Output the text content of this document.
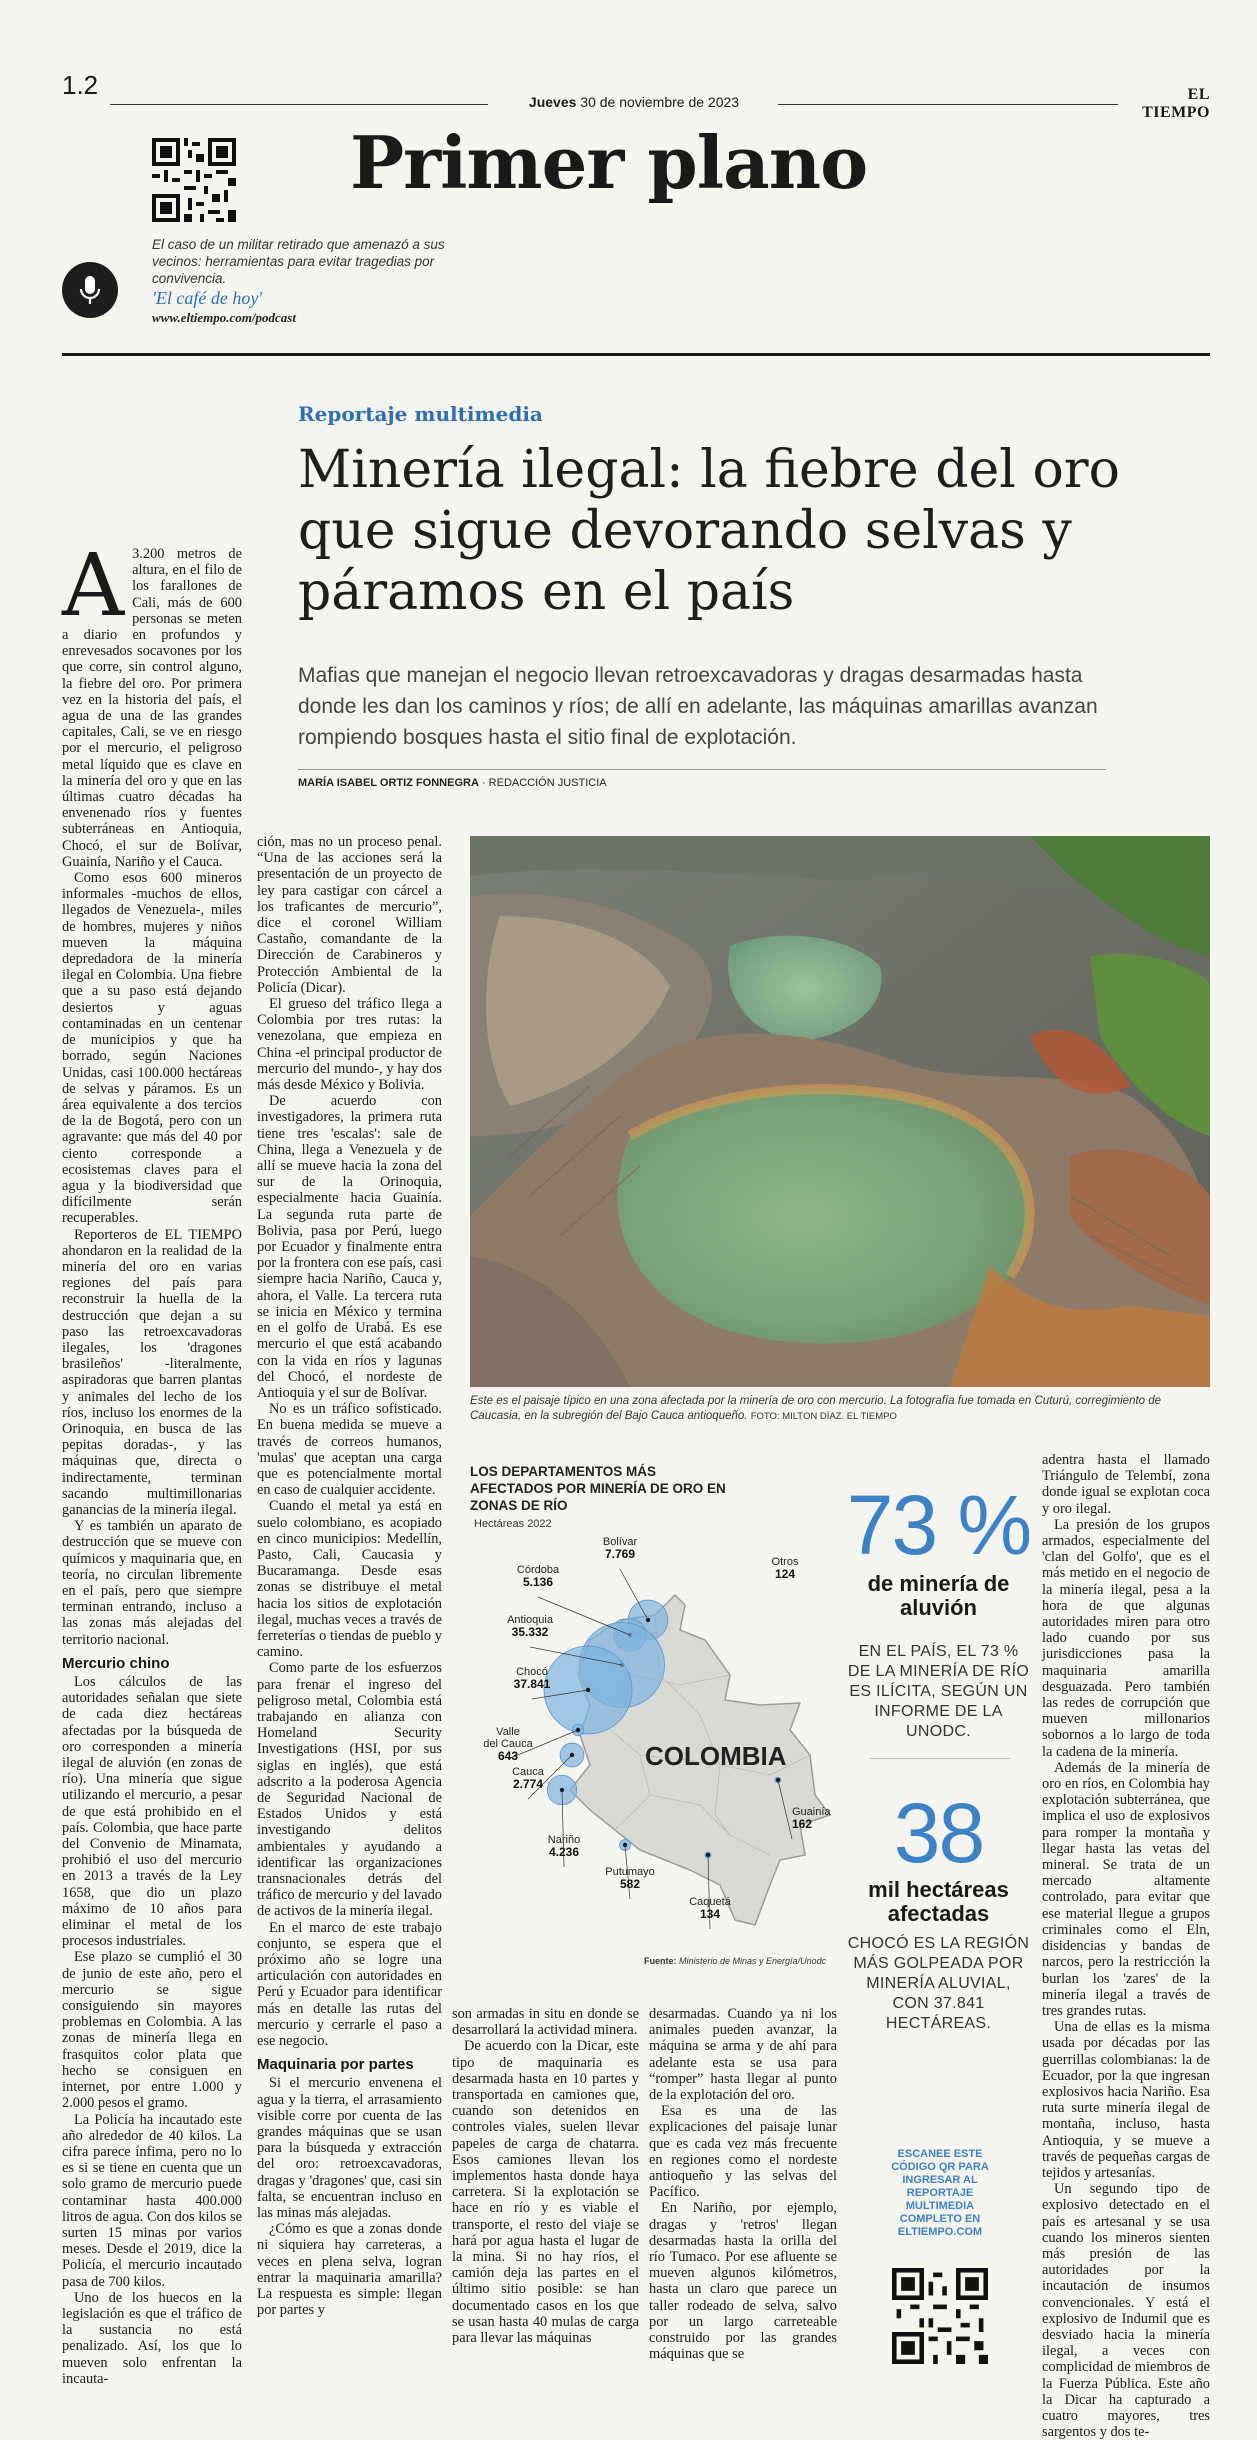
1.2
Jueves 30 de noviembre de 2023	EL TIEMPO
Primer plano
El caso de un militar retirado que amenazó a sus vecinos: herramientas para evitar tragedias por convivencia.
'El café de hoy'
www.eltiempo.com/podcast
Reportaje multimedia
Minería ilegal: la fiebre del oro que sigue devorando selvas y páramos en el país
Mafias que manejan el negocio llevan retroexcavadoras y dragas desarmadas hasta donde les dan los caminos y ríos; de allí en adelante, las máquinas amarillas avanzan rompiendo bosques hasta el sitio final de explotación.
MARÍA ISABEL ORTIZ FONNEGRA · REDACCIÓN JUSTICIA

A 3.200 metros de altura, en el filo de los farallones de Cali, más de 600 personas se meten a diario en profundos y enrevesados socavones por los que corre, sin control alguno, la fiebre del oro. Por primera vez en la historia del país, el agua de una de las grandes capitales, Cali, se ve en riesgo por el mercurio, el peligroso metal líquido que es clave en la minería del oro y que en las últimas cuatro décadas ha envenenado ríos y fuentes subterráneas en Antioquia, Chocó, el sur de Bolívar, Guainía, Nariño y el Cauca.

Como esos 600 mineros informales -muchos de ellos, llegados de Venezuela-, miles de hombres, mujeres y niños mueven la máquina depredadora de la minería ilegal en Colombia. Una fiebre que a su paso está dejando desiertos y aguas contaminadas en un centenar de municipios y que ha borrado, según Naciones Unidas, casi 100.000 hectáreas de selvas y páramos. Es un área equivalente a dos tercios de la de Bogotá, pero con un agravante: que más del 40 por ciento corresponde a ecosistemas claves para el agua y la biodiversidad que difícilmente serán recuperables.

Reporteros de EL TIEMPO ahondaron en la realidad de la minería del oro en varias regiones del país para reconstruir la huella de la destrucción que dejan a su paso las retroexcavadoras ilegales, los 'dragones brasileños' -literalmente, aspiradoras que barren plantas y animales del lecho de los ríos, incluso los enormes de la Orinoquia, en busca de las pepitas doradas-, y las máquinas que, directa o indirectamente, terminan sacando multimillonarias ganancias de la minería ilegal.

Y es también un aparato de destrucción que se mueve con químicos y maquinaria que, en teoría, no circulan libremente en el país, pero que siempre terminan entrando, incluso a las zonas más alejadas del territorio nacional.

Mercurio chino

Los cálculos de las autoridades señalan que siete de cada diez hectáreas afectadas por la búsqueda de oro corresponden a minería ilegal de aluvión (en zonas de río). Una minería que sigue utilizando el mercurio, a pesar de que está prohibido en el país. Colombia, que hace parte del Convenio de Minamata, prohibió el uso del mercurio en 2013 a través de la Ley 1658, que dio un plazo máximo de 10 años para eliminar el metal de los procesos industriales.

Ese plazo se cumplió el 30 de junio de este año, pero el mercurio se sigue consiguiendo sin mayores problemas en Colombia. A las zonas de minería llega en frasquitos color plata que hecho se consiguen en internet, por entre 1.000 y 2.000 pesos el gramo.

La Policía ha incautado este año alrededor de 40 kilos. La cifra parece ínfima, pero no lo es si se tiene en cuenta que un solo gramo de mercurio puede contaminar hasta 400.000 litros de agua. Con dos kilos se surten 15 minas por varios meses. Desde el 2019, dice la Policía, el mercurio incautado pasa de 700 kilos.

Uno de los huecos en la legislación es que el tráfico de la sustancia no está penalizado. Así, los que lo mueven solo enfrentan la incauta-

ción, mas no un proceso penal. “Una de las acciones será la presentación de un proyecto de ley para castigar con cárcel a los traficantes de mercurio”, dice el coronel William Castaño, comandante de la Dirección de Carabineros y Protección Ambiental de la Policía (Dicar).

El grueso del tráfico llega a Colombia por tres rutas: la venezolana, que empieza en China -el principal productor de mercurio del mundo-, y hay dos más desde México y Bolivia.

De acuerdo con investigadores, la primera ruta tiene tres 'escalas': sale de China, llega a Venezuela y de allí se mueve hacia la zona del sur de la Orinoquia, especialmente hacia Guainía. La segunda ruta parte de Bolivia, pasa por Perú, luego por Ecuador y finalmente entra por la frontera con ese país, casi siempre hacia Nariño, Cauca y, ahora, el Valle. La tercera ruta se inicia en México y termina en el golfo de Urabá. Es ese mercurio el que está acabando con la vida en ríos y lagunas del Chocó, el nordeste de Antioquia y el sur de Bolívar.

No es un tráfico sofisticado. En buena medida se mueve a través de correos humanos, 'mulas' que aceptan una carga que es potencialmente mortal en caso de cualquier accidente.

Cuando el metal ya está en suelo colombiano, es acopiado en cinco municipios: Medellín, Pasto, Cali, Caucasia y Bucaramanga. Desde esas zonas se distribuye el metal hacia los sitios de explotación ilegal, muchas veces a través de ferreterías o tiendas de pueblo y camino.

Como parte de los esfuerzos para frenar el ingreso del peligroso metal, Colombia está trabajando en alianza con Homeland Security Investigations (HSI, por sus siglas en inglés), que está adscrito a la poderosa Agencia de Seguridad Nacional de Estados Unidos y está investigando delitos ambientales y ayudando a identificar las organizaciones transnacionales detrás del tráfico de mercurio y del lavado de activos de la minería ilegal.

En el marco de este trabajo conjunto, se espera que el próximo año se logre una articulación con autoridades en Perú y Ecuador para identificar más en detalle las rutas del mercurio y cerrarle el paso a ese negocio.

Maquinaria por partes

Si el mercurio envenena el agua y la tierra, el arrasamiento visible corre por cuenta de las grandes máquinas que se usan para la búsqueda y extracción del oro: retroexcavadoras, dragas y 'dragones' que, casi sin falta, se encuentran incluso en las minas más alejadas.

¿Cómo es que a zonas donde ni siquiera hay carreteras, a veces en plena selva, logran entrar la maquinaria amarilla? La respuesta es simple: llegan por partes y

Este es el paisaje típico en una zona afectada por la minería de oro con mercurio. La fotografía fue tomada en Cuturú, corregimiento de Caucasia, en la subregión del Bajo Cauca antioqueño. FOTO: MILTON DÍAZ. EL TIEMPO
LOS DEPARTAMENTOS MÁS AFECTADOS POR MINERÍA DE ORO EN ZONAS DE RÍO
Hectáreas 2022
COLOMBIA
Bolívar
7.769
Córdoba
5.136
Antioquia
35.332
Chocó
37.841
Valle
del Cauca
643
Cauca
2.774
Nariño
4.236
Putumayo
582
Caquetá
134
Guainía
162
Otros
124
Fuente: Ministerio de Minas y Energía/Unodc
73 %
de minería de aluvión
EN EL PAÍS, EL 73 % DE LA MINERÍA DE RÍO ES ILÍCITA, SEGÚN UN INFORME DE LA UNODC.
38
mil hectáreas afectadas
CHOCÓ ES LA REGIÓN MÁS GOLPEADA POR MINERÍA ALUVIAL, CON 37.841 HECTÁREAS.
ESCANEE ESTE CÓDIGO QR PARA INGRESAR AL REPORTAJE MULTIMEDIA COMPLETO EN ELTIEMPO.COM

son armadas in situ en donde se desarrollará la actividad minera.

De acuerdo con la Dicar, este tipo de maquinaria es desarmada hasta en 10 partes y transportada en camiones que, cuando son detenidos en controles viales, suelen llevar papeles de carga de chatarra. Esos camiones llevan los implementos hasta donde haya carretera. Si la explotación se hace en río y es viable el transporte, el resto del viaje se hará por agua hasta el lugar de la mina. Si no hay ríos, el camión deja las partes en el último sitio posible: se han documentado casos en los que se usan hasta 40 mulas de carga para llevar las máquinas

desarmadas. Cuando ya ni los animales pueden avanzar, la máquina se arma y de ahí para adelante esta se usa para “romper” hasta llegar al punto de la explotación del oro.

Esa es una de las explicaciones del paisaje lunar que es cada vez más frecuente en regiones como el nordeste antioqueño y las selvas del Pacífico.

En Nariño, por ejemplo, dragas y 'retros' llegan desarmadas hasta la orilla del río Tumaco. Por ese afluente se mueven algunos kilómetros, hasta un claro que parece un taller rodeado de selva, salvo por un largo carreteable construido por las grandes máquinas que se

adentra hasta el llamado Triángulo de Telembí, zona donde igual se explotan coca y oro ilegal.

La presión de los grupos armados, especialmente del 'clan del Golfo', que es el más metido en el negocio de la minería ilegal, pesa a la hora de que algunas autoridades miren para otro lado cuando por sus jurisdicciones pasa la maquinaria amarilla desguazada. Pero también las redes de corrupción que mueven millonarios sobornos a lo largo de toda la cadena de la minería.

Además de la minería de oro en ríos, en Colombia hay explotación subterránea, que implica el uso de explosivos para romper la montaña y llegar hasta las vetas del mineral. Se trata de un mercado altamente controlado, para evitar que ese material llegue a grupos criminales como el Eln, disidencias y bandas de narcos, pero la restricción la burlan los 'zares' de la minería ilegal a través de tres grandes rutas.

Una de ellas es la misma usada por décadas por las guerrillas colombianas: la de Ecuador, por la que ingresan explosivos hacia Nariño. Esa ruta surte minería ilegal de montaña, incluso, hasta Antioquia, y se mueve a través de pequeñas cargas de tejidos y artesanías.

Un segundo tipo de explosivo detectado en el país es artesanal y se usa cuando los mineros sienten más presión de las autoridades por la incautación de insumos convencionales. Y está el explosivo de Indumil que es desviado hacia la minería ilegal, a veces con complicidad de miembros de la Fuerza Pública. Este año la Dicar ha capturado a cuatro mayores, tres sargentos y dos te-
